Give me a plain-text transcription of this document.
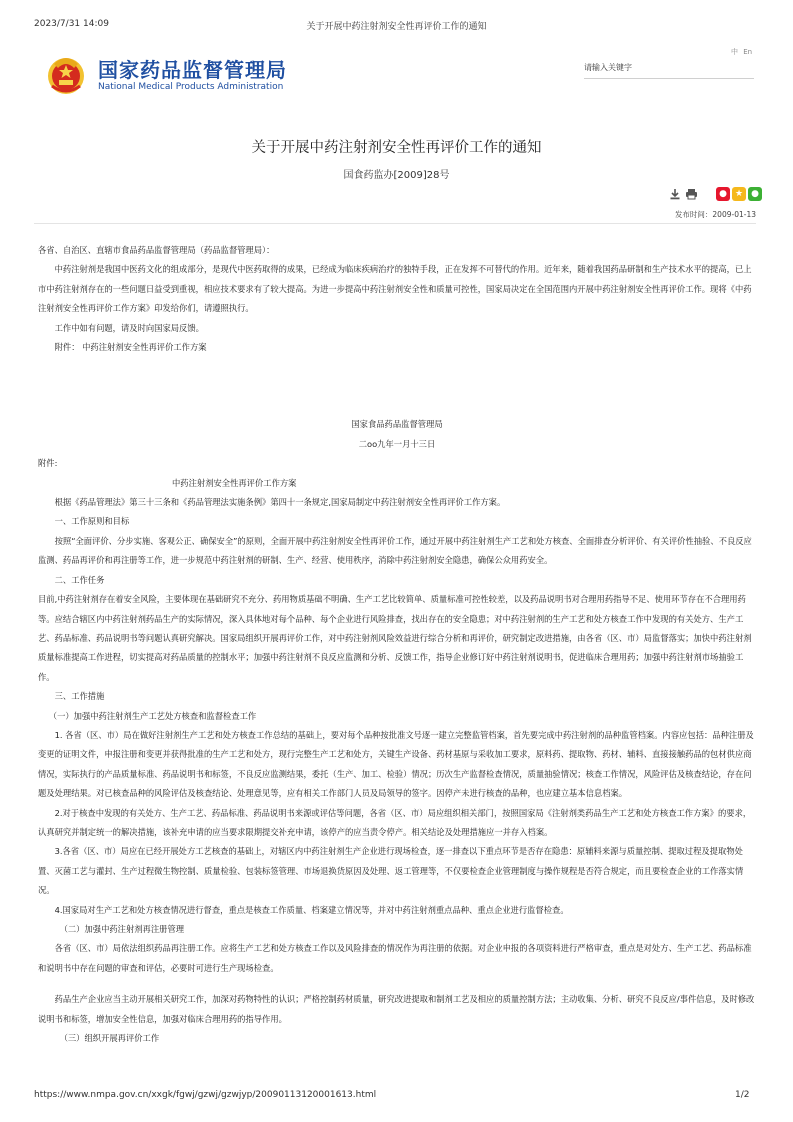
2023/7/31 14:09	关于开展中药注射剂安全性再评价工作的通知
国家药品监督管理局
National Medical Products Administration
中 En
请输入关键字
关于开展中药注射剂安全性再评价工作的通知
国食药监办[2009]28号
● ★ ●
发布时间：2009-01-13

各省、自治区、直辖市食品药品监督管理局（药品监督管理局）：

中药注射剂是我国中医药文化的组成部分，是现代中医药取得的成果，已经成为临床疾病治疗的独特手段，正在发挥不可替代的作用。近年来，随着我国药品研制和生产技术水平的提高，已上市中药注射剂存在的一些问题日益受到重视，相应技术要求有了较大提高。为进一步提高中药注射剂安全性和质量可控性，国家局决定在全国范围内开展中药注射剂安全性再评价工作。现将《中药注射剂安全性再评价工作方案》印发给你们，请遵照执行。

工作中如有问题，请及时向国家局反馈。

附件： 中药注射剂安全性再评价工作方案

国家食品药品监督管理局

二oo九年一月十三日

附件:

中药注射剂安全性再评价工作方案

根据《药品管理法》第三十三条和《药品管理法实施条例》第四十一条规定,国家局制定中药注射剂安全性再评价工作方案。

一、工作原则和目标

按照“全面评价、分步实施、客观公正、确保安全”的原则，全面开展中药注射剂安全性再评价工作，通过开展中药注射剂生产工艺和处方核查、全面排查分析评价、有关评价性抽验、不良反应监测、药品再评价和再注册等工作，进一步规范中药注射剂的研制、生产、经营、使用秩序，消除中药注射剂安全隐患，确保公众用药安全。

二、工作任务

目前,中药注射剂存在着安全风险，主要体现在基础研究不充分、药用物质基础不明确、生产工艺比较简单、质量标准可控性较差，以及药品说明书对合理用药指导不足、使用环节存在不合理用药等。应结合辖区内中药注射剂药品生产的实际情况，深入具体地对每个品种、每个企业进行风险排查，找出存在的安全隐患；对中药注射剂的生产工艺和处方核查工作中发现的有关处方、生产工艺、药品标准、药品说明书等问题认真研究解决。国家局组织开展再评价工作，对中药注射剂风险效益进行综合分析和再评价，研究制定改进措施，由各省（区、市）局监督落实；加快中药注射剂质量标准提高工作进程，切实提高对药品质量的控制水平；加强中药注射剂不良反应监测和分析、反馈工作，指导企业修订好中药注射剂说明书，促进临床合理用药；加强中药注射剂市场抽验工作。

三、工作措施

（一）加强中药注射剂生产工艺处方核查和监督检查工作

1. 各省（区、市）局在做好注射剂生产工艺和处方核查工作总结的基础上，要对每个品种按批准文号逐一建立完整监管档案，首先要完成中药注射剂的品种监管档案。内容应包括：品种注册及变更的证明文件，申报注册和变更并获得批准的生产工艺和处方，现行完整生产工艺和处方，关键生产设备、药材基原与采收加工要求，原料药、提取物、药材、辅料、直接接触药品的包材供应商情况，实际执行的产品质量标准、药品说明书和标签，不良反应监测结果，委托（生产、加工、检验）情况；历次生产监督检查情况，质量抽验情况；核查工作情况，风险评估及核查结论，存在问题及处理结果。对已核查品种的风险评估及核查结论、处理意见等，应有相关工作部门人员及局领导的签字。因停产未进行核查的品种，也应建立基本信息档案。

2.对于核查中发现的有关处方、生产工艺、药品标准、药品说明书来源或评估等问题，各省（区、市）局应组织相关部门，按照国家局《注射剂类药品生产工艺和处方核查工作方案》的要求，认真研究并制定统一的解决措施，该补充申请的应当要求限期提交补充申请，该停产的应当责令停产。相关结论及处理措施应一并存入档案。

3.各省（区、市）局应在已经开展处方工艺核查的基础上，对辖区内中药注射剂生产企业进行现场检查，逐一排查以下重点环节是否存在隐患：原辅料来源与质量控制、提取过程及提取物处置、灭菌工艺与灌封、生产过程微生物控制、质量检验、包装标签管理、市场退换货原因及处理、返工管理等，不仅要检查企业管理制度与操作规程是否符合规定，而且要检查企业的工作落实情况。

4.国家局对生产工艺和处方核查情况进行督查，重点是核查工作质量、档案建立情况等，并对中药注射剂重点品种、重点企业进行监督检查。

（二）加强中药注射剂再注册管理

各省（区、市）局依法组织药品再注册工作。应将生产工艺和处方核查工作以及风险排查的情况作为再注册的依据。对企业申报的各项资料进行严格审查，重点是对处方、生产工艺、药品标准和说明书中存在问题的审查和评估，必要时可进行生产现场检查。

药品生产企业应当主动开展相关研究工作，加深对药物特性的认识；严格控制药材质量，研究改进提取和制剂工艺及相应的质量控制方法；主动收集、分析、研究不良反应/事件信息，及时修改说明书和标签，增加安全性信息，加强对临床合理用药的指导作用。

（三）组织开展再评价工作

https://www.nmpa.gov.cn/xxgk/fgwj/gzwj/gzwjyp/20090113120001613.html	1/2
